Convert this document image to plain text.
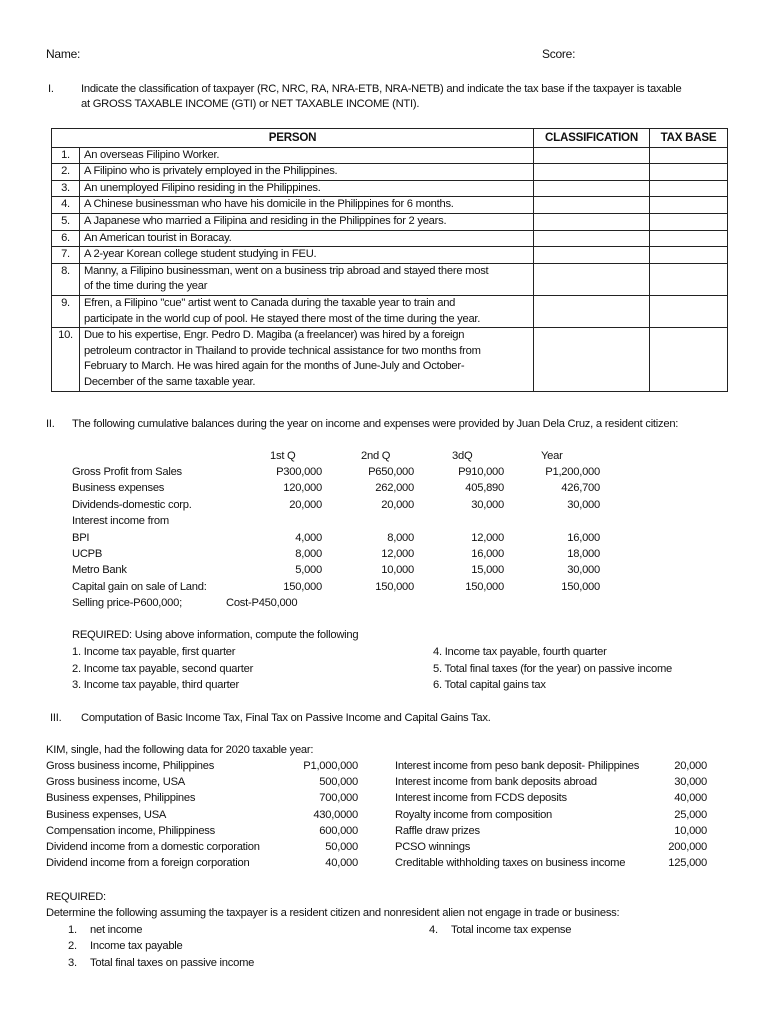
Name:	Score:
I. Indicate the classification of taxpayer (RC, NRC, RA, NRA-ETB, NRA-NETB) and indicate the tax base if the taxpayer is taxable
at GROSS TAXABLE INCOME (GTI) or NET TAXABLE INCOME (NTI).
PERSON		CLASSIFICATION	TAX BASE
1.	An overseas Filipino Worker.		

2.	A Filipino who is privately employed in the Philippines.		

3.	An unemployed Filipino residing in the Philippines.		

4.	A Chinese businessman who have his domicile in the Philippines for 6 months.		

5.	A Japanese who married a Filipina and residing in the Philippines for 2 years.		

6.	An American tourist in Boracay.		

7.	A 2-year Korean college student studying in FEU.		

8.	Manny, a Filipino businessman, went on a business trip abroad and stayed there most
of the time during the year		

9.	Efren, a Filipino "cue" artist went to Canada during the taxable year to train and
participate in the world cup of pool. He stayed there most of the time during the year.		

10.	Due to his expertise, Engr. Pedro D. Magiba (a freelancer) was hired by a foreign
petroleum contractor in Thailand to provide technical assistance for two months from
February to March. He was hired again for the months of June-July and October-
December of the same taxable year.		

II. The following cumulative balances during the year on income and expenses were provided by Juan Dela Cruz, a resident citizen:
1st Q	2nd Q	3dQ	Year
Gross Profit from Sales	P300,000	P650,000	P910,000	P1,200,000
Business expenses	120,000	262,000	405,890	426,700
Dividends-domestic corp.	20,000	20,000	30,000	30,000
Interest income from
BPI	4,000	8,000	12,000	16,000
UCPB	8,000	12,000	16,000	18,000
Metro Bank	5,000	10,000	15,000	30,000
Capital gain on sale of Land:	150,000	150,000	150,000	150,000
Selling price-P600,000;	Cost-P450,000
REQUIRED: Using above information, compute the following
1. Income tax payable, first quarter
2. Income tax payable, second quarter
3. Income tax payable, third quarter
4. Income tax payable, fourth quarter
5. Total final taxes (for the year) on passive income
6. Total capital gains tax
III. Computation of Basic Income Tax, Final Tax on Passive Income and Capital Gains Tax.
KIM, single, had the following data for 2020 taxable year:
Gross business income, Philippines	P1,000,000
Gross business income, USA	500,000
Business expenses, Philippines	700,000
Business expenses, USA	430,0000
Compensation income, Philippiness	600,000
Dividend income from a domestic corporation	50,000
Dividend income from a foreign corporation	40,000
Interest income from peso bank deposit- Philippines	20,000
Interest income from bank deposits abroad	30,000
Interest income from FCDS deposits	40,000
Royalty income from composition	25,000
Raffle draw prizes	10,000
PCSO winnings	200,000
Creditable withholding taxes on business income	125,000
REQUIRED:
Determine the following assuming the taxpayer is a resident citizen and nonresident alien not engage in trade or business:
1. net income
2. Income tax payable
3. Total final taxes on passive income
4. Total income tax expense
